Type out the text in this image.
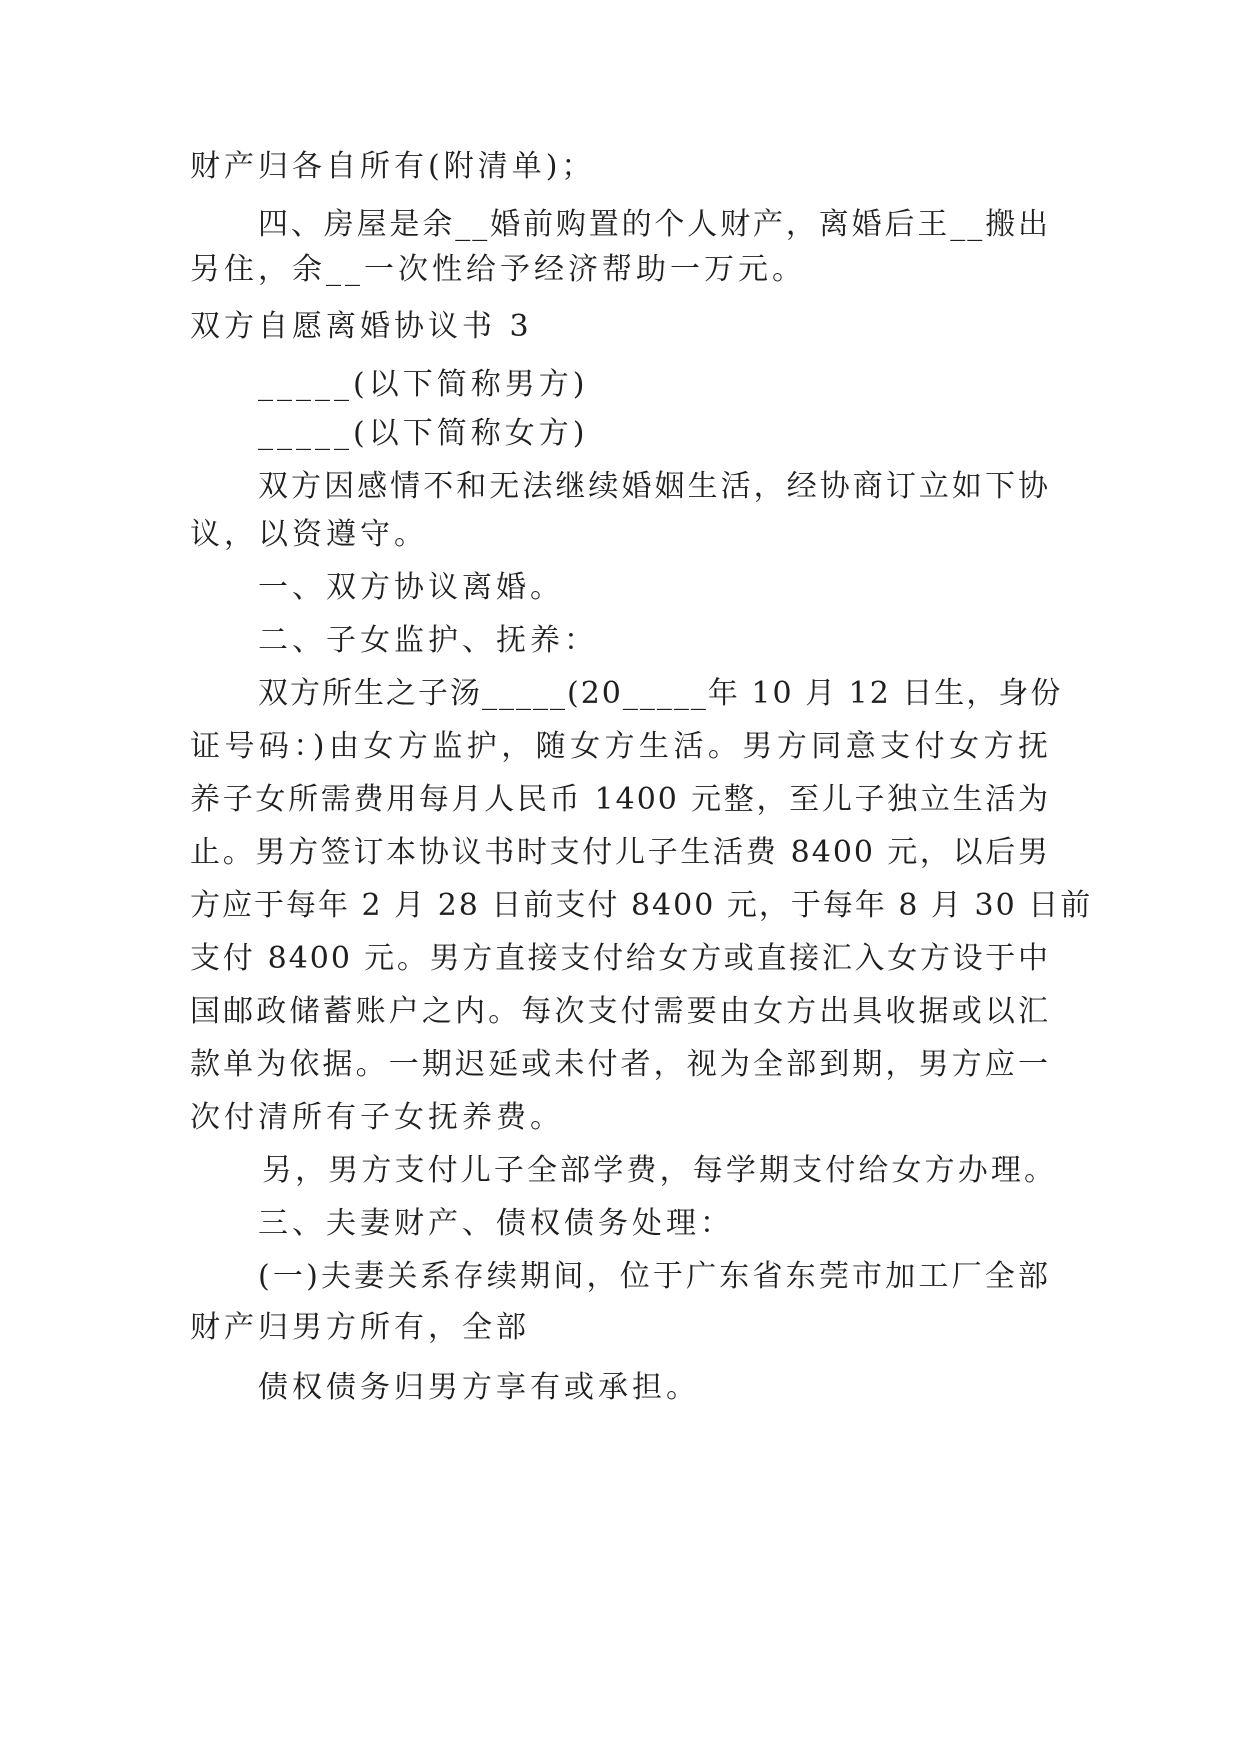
财产归各自所有(附清单)；
四、房屋是余__婚前购置的个人财产，离婚后王__搬出
另住，余__一次性给予经济帮助一万元。
双方自愿离婚协议书 3
_____(以下简称男方)
_____(以下简称女方)
双方因感情不和无法继续婚姻生活，经协商订立如下协
议，以资遵守。
一、双方协议离婚。
二、子女监护、抚养：
双方所生之子汤_____(20_____年 10 月 12 日生，身份
证号码：)由女方监护，随女方生活。男方同意支付女方抚
养子女所需费用每月人民币 1400 元整，至儿子独立生活为
止。男方签订本协议书时支付儿子生活费 8400 元，以后男
方应于每年 2 月 28 日前支付 8400 元，于每年 8 月 30 日前
支付 8400 元。男方直接支付给女方或直接汇入女方设于中
国邮政储蓄账户之内。每次支付需要由女方出具收据或以汇
款单为依据。一期迟延或未付者，视为全部到期，男方应一
次付清所有子女抚养费。
另，男方支付儿子全部学费，每学期支付给女方办理。
三、夫妻财产、债权债务处理：
(一)夫妻关系存续期间，位于广东省东莞市加工厂全部
财产归男方所有，全部
债权债务归男方享有或承担。
